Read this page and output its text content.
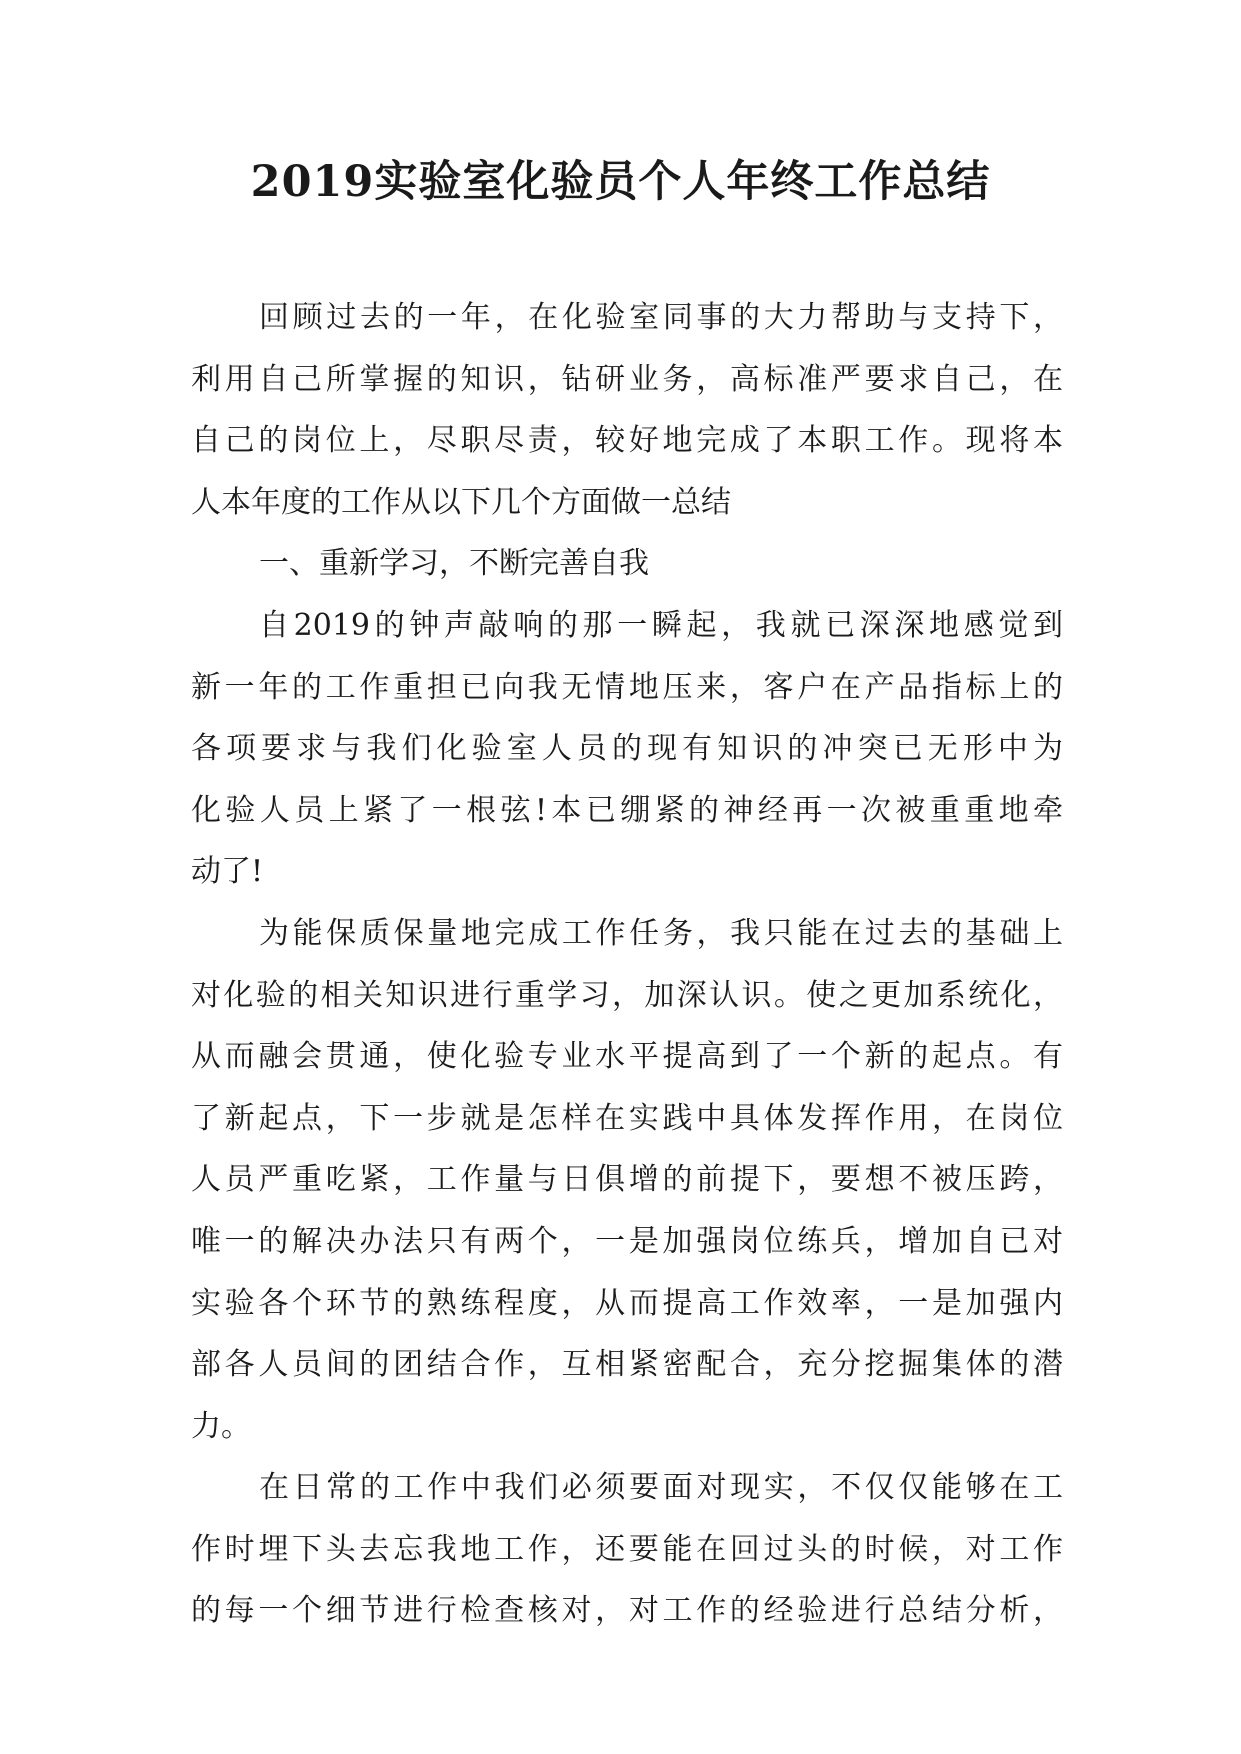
2019实验室化验员个人年终工作总结
回顾过去的一年，在化验室同事的大力帮助与支持下，
利用自己所掌握的知识，钻研业务，高标准严要求自己，在
自己的岗位上，尽职尽责，较好地完成了本职工作。现将本
人本年度的工作从以下几个方面做一总结
一、重新学习，不断完善自我
自2019的钟声敲响的那一瞬起，我就已深深地感觉到
新一年的工作重担已向我无情地压来，客户在产品指标上的
各项要求与我们化验室人员的现有知识的冲突已无形中为
化验人员上紧了一根弦!本已绷紧的神经再一次被重重地牵
动了!
为能保质保量地完成工作任务，我只能在过去的基础上
对化验的相关知识进行重学习，加深认识。使之更加系统化，
从而融会贯通，使化验专业水平提高到了一个新的起点。有
了新起点，下一步就是怎样在实践中具体发挥作用，在岗位
人员严重吃紧，工作量与日俱增的前提下，要想不被压跨，
唯一的解决办法只有两个，一是加强岗位练兵，增加自已对
实验各个环节的熟练程度，从而提高工作效率，一是加强内
部各人员间的团结合作，互相紧密配合，充分挖掘集体的潜
力。
在日常的工作中我们必须要面对现实，不仅仅能够在工
作时埋下头去忘我地工作，还要能在回过头的时候，对工作
的每一个细节进行检查核对，对工作的经验进行总结分析，
